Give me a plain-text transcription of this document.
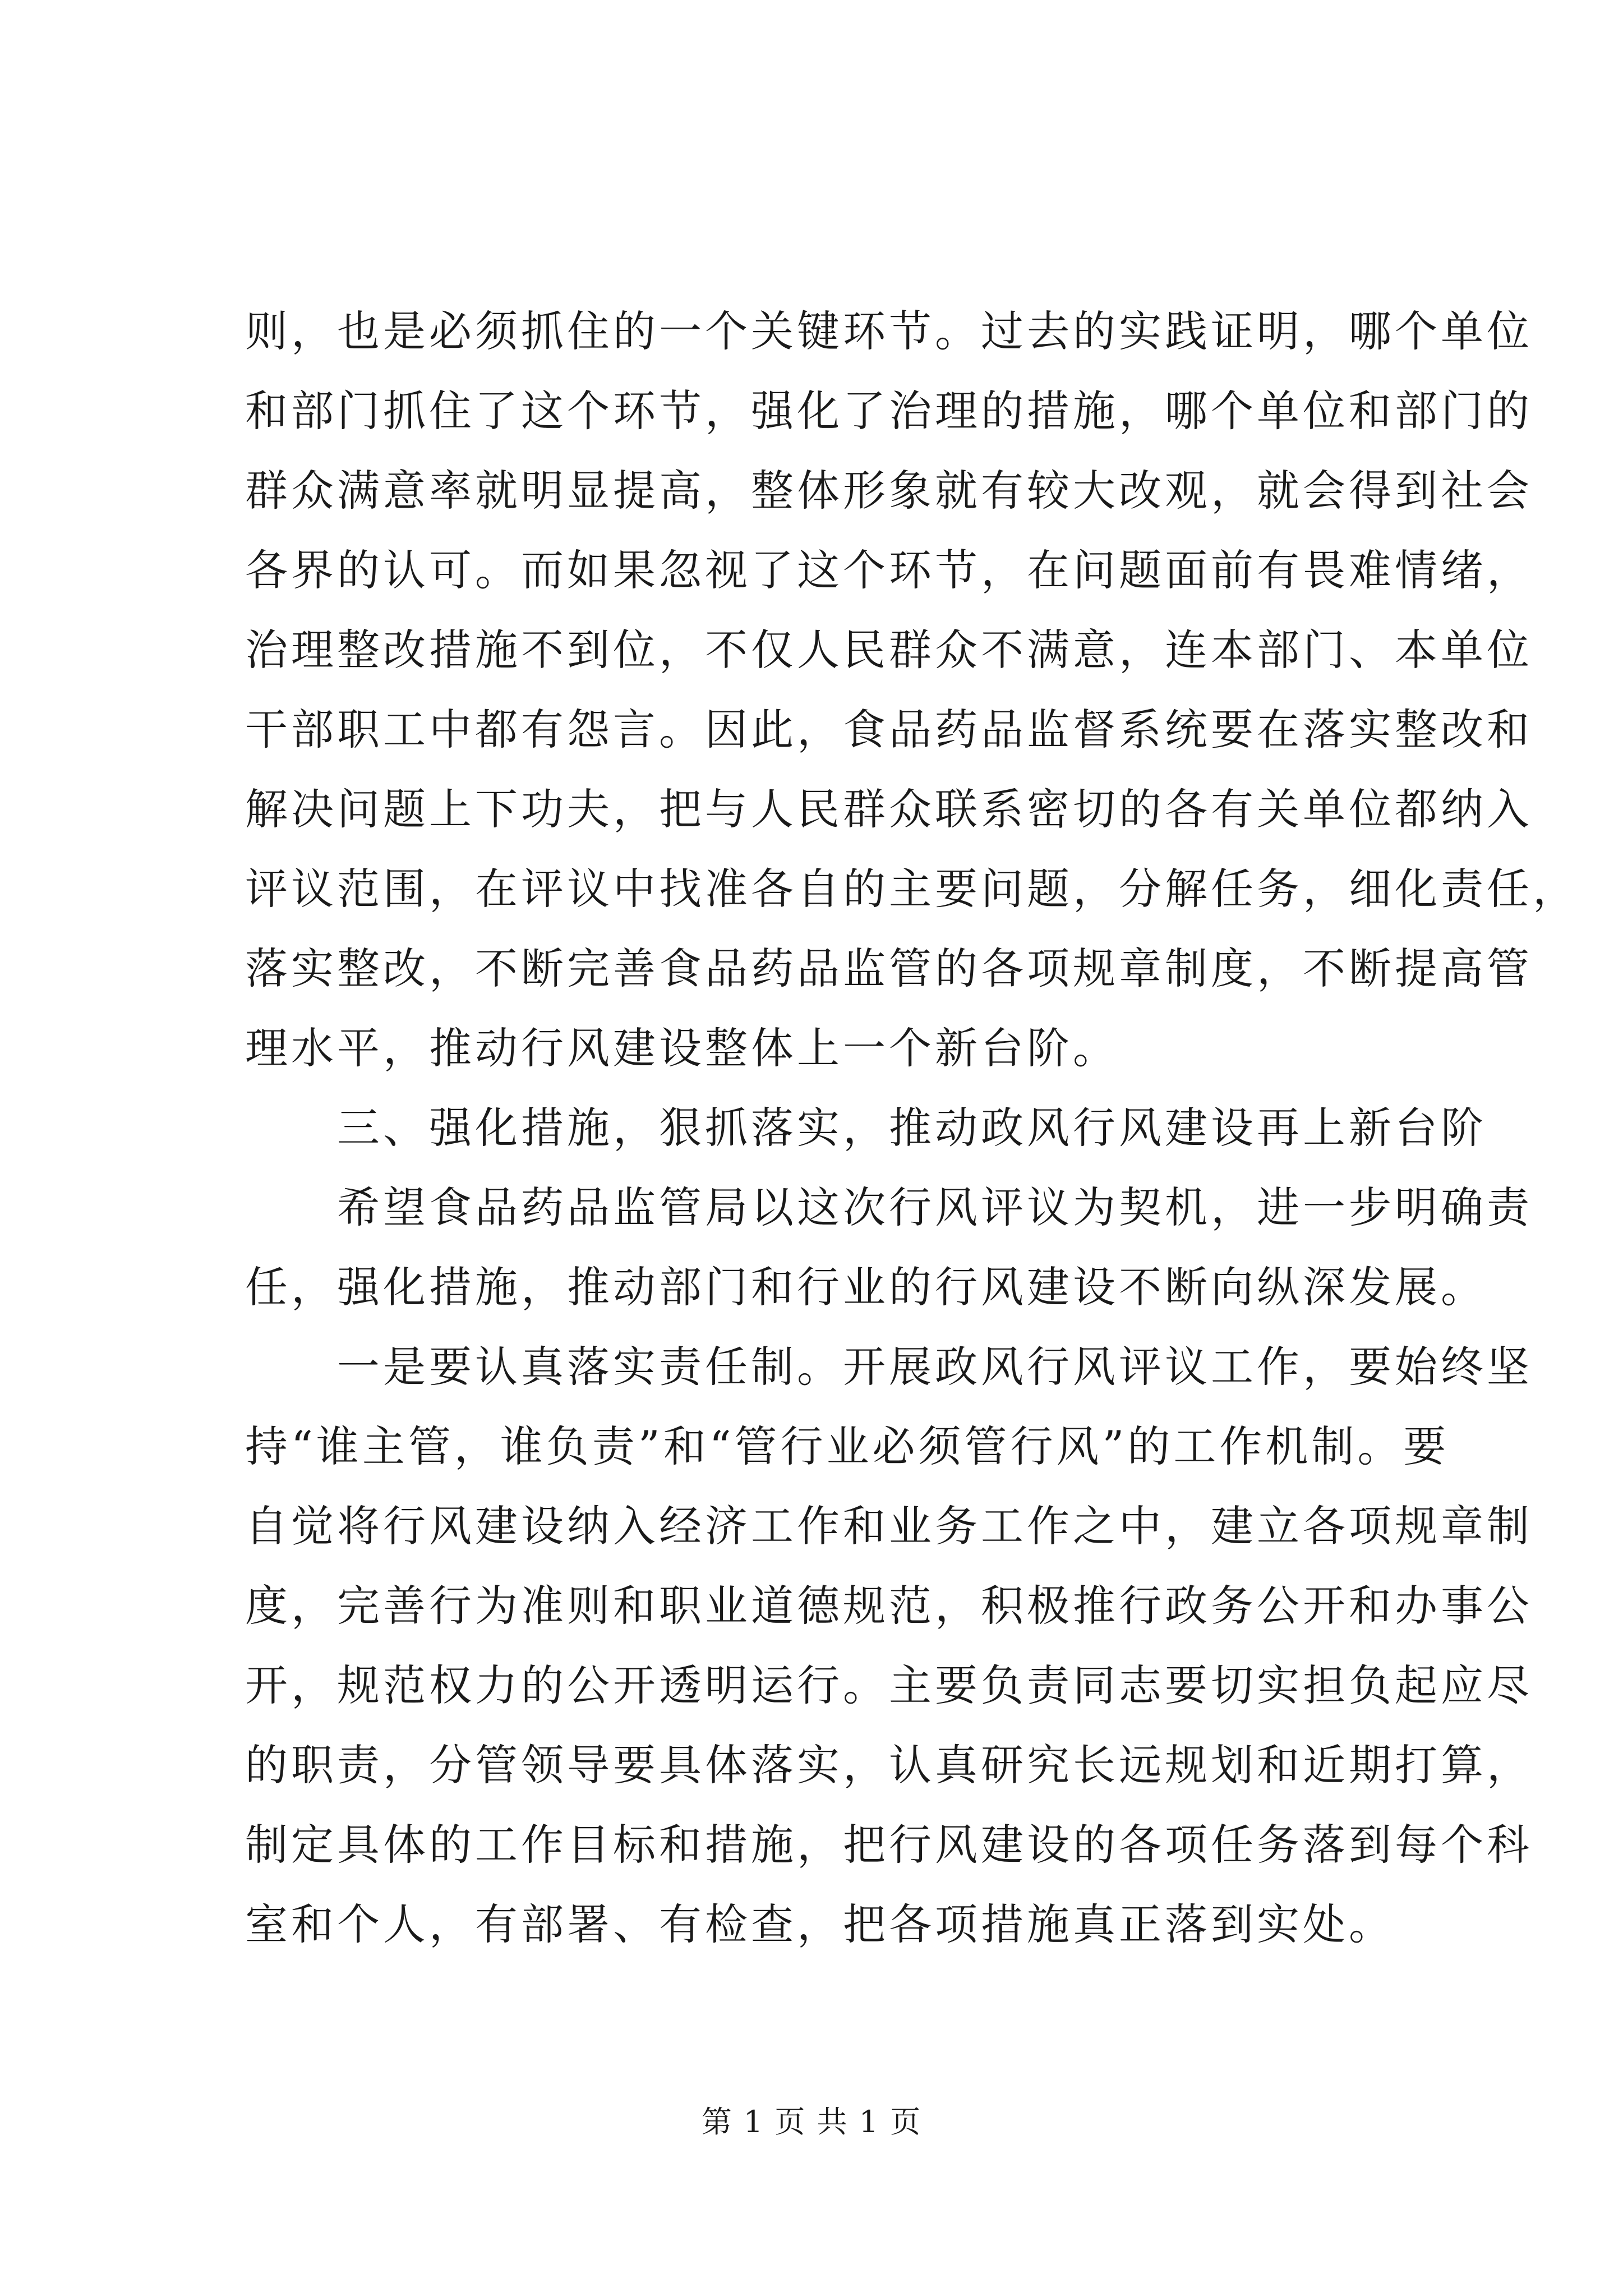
则，也是必须抓住的一个关键环节。过去的实践证明，哪个单位
和部门抓住了这个环节，强化了治理的措施，哪个单位和部门的
群众满意率就明显提高，整体形象就有较大改观，就会得到社会
各界的认可。而如果忽视了这个环节，在问题面前有畏难情绪，
治理整改措施不到位，不仅人民群众不满意，连本部门、本单位
干部职工中都有怨言。因此，食品药品监督系统要在落实整改和
解决问题上下功夫，把与人民群众联系密切的各有关单位都纳入
评议范围，在评议中找准各自的主要问题，分解任务，细化责任，
落实整改，不断完善食品药品监管的各项规章制度，不断提高管
理水平，推动行风建设整体上一个新台阶。
三、强化措施，狠抓落实，推动政风行风建设再上新台阶
希望食品药品监管局以这次行风评议为契机，进一步明确责
任，强化措施，推动部门和行业的行风建设不断向纵深发展。
一是要认真落实责任制。开展政风行风评议工作，要始终坚
持“谁主管，谁负责”和“管行业必须管行风”的工作机制。要
自觉将行风建设纳入经济工作和业务工作之中，建立各项规章制
度，完善行为准则和职业道德规范，积极推行政务公开和办事公
开，规范权力的公开透明运行。主要负责同志要切实担负起应尽
的职责，分管领导要具体落实，认真研究长远规划和近期打算，
制定具体的工作目标和措施，把行风建设的各项任务落到每个科
室和个人，有部署、有检查，把各项措施真正落到实处。
第 1 页 共 1 页
